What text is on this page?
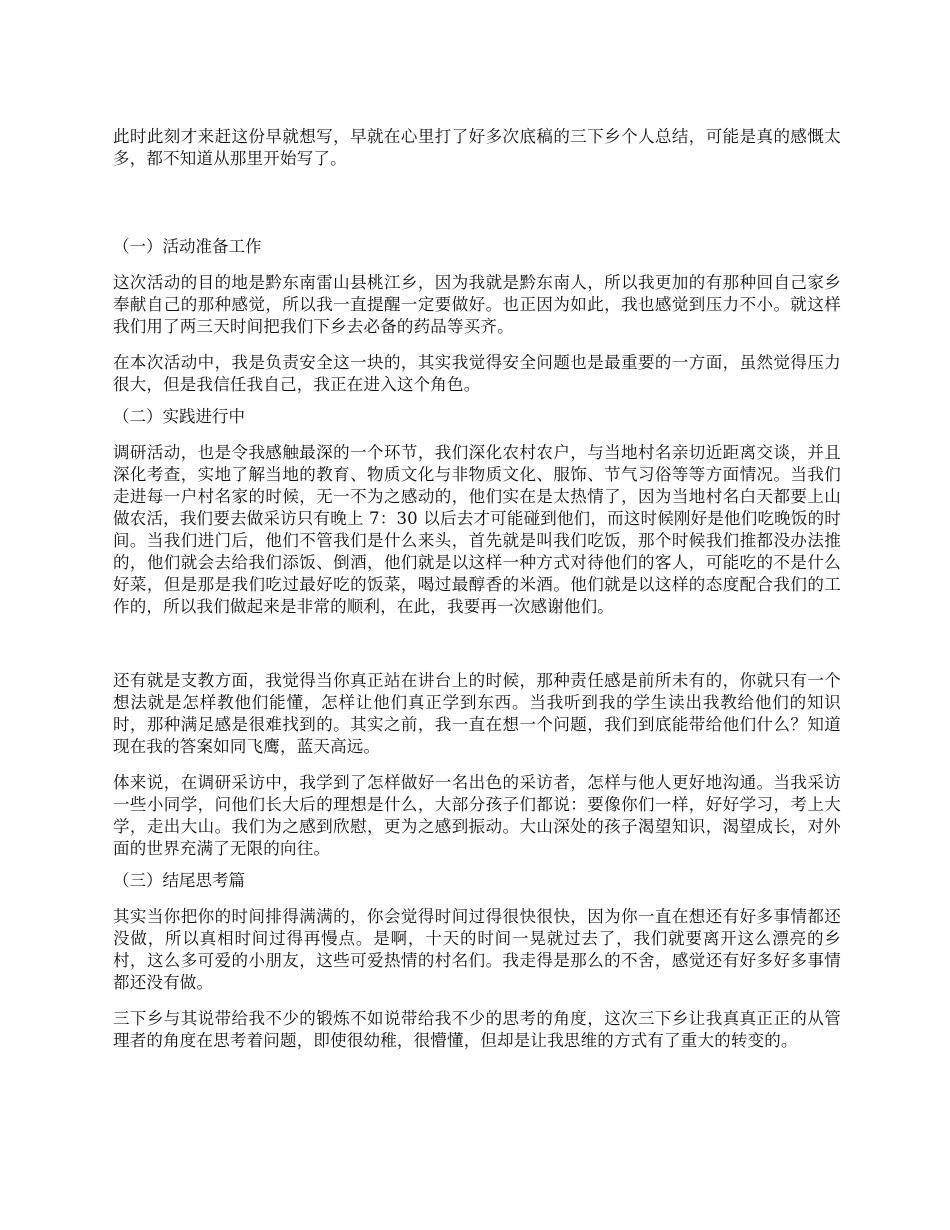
此时此刻才来赶这份早就想写，早就在心里打了好多次底稿的三下乡个人总结，可能是真的感慨太多，都不知道从那里开始写了。

（一）活动准备工作

这次活动的目的地是黔东南雷山县桃江乡，因为我就是黔东南人，所以我更加的有那种回自己家乡奉献自己的那种感觉，所以我一直提醒一定要做好。也正因为如此，我也感觉到压力不小。就这样我们用了两三天时间把我们下乡去必备的药品等买齐。

在本次活动中，我是负责安全这一块的，其实我觉得安全问题也是最重要的一方面，虽然觉得压力很大，但是我信任我自己，我正在进入这个角色。

（二）实践进行中

调研活动，也是令我感触最深的一个环节，我们深化农村农户，与当地村名亲切近距离交谈，并且深化考查，实地了解当地的教育、物质文化与非物质文化、服饰、节气习俗等等方面情况。当我们走进每一户村名家的时候，无一不为之感动的，他们实在是太热情了，因为当地村名白天都要上山做农活，我们要去做采访只有晚上 7：30 以后去才可能碰到他们，而这时候刚好是他们吃晚饭的时间。当我们进门后，他们不管我们是什么来头，首先就是叫我们吃饭，那个时候我们推都没办法推的，他们就会去给我们添饭、倒酒，他们就是以这样一种方式对待他们的客人，可能吃的不是什么好菜，但是那是我们吃过最好吃的饭菜，喝过最醇香的米酒。他们就是以这样的态度配合我们的工作的，所以我们做起来是非常的顺利，在此，我要再一次感谢他们。

还有就是支教方面，我觉得当你真正站在讲台上的时候，那种责任感是前所未有的，你就只有一个想法就是怎样教他们能懂，怎样让他们真正学到东西。当我听到我的学生读出我教给他们的知识时，那种满足感是很难找到的。其实之前，我一直在想一个问题，我们到底能带给他们什么？知道现在我的答案如同飞鹰，蓝天高远。

体来说，在调研采访中，我学到了怎样做好一名出色的采访者，怎样与他人更好地沟通。当我采访一些小同学，问他们长大后的理想是什么，大部分孩子们都说：要像你们一样，好好学习，考上大学，走出大山。我们为之感到欣慰，更为之感到振动。大山深处的孩子渴望知识，渴望成长，对外面的世界充满了无限的向往。

（三）结尾思考篇

其实当你把你的时间排得满满的，你会觉得时间过得很快很快，因为你一直在想还有好多事情都还没做，所以真相时间过得再慢点。是啊，十天的时间一晃就过去了，我们就要离开这么漂亮的乡村，这么多可爱的小朋友，这些可爱热情的村名们。我走得是那么的不舍，感觉还有好多好多事情都还没有做。

三下乡与其说带给我不少的锻炼不如说带给我不少的思考的角度，这次三下乡让我真真正正的从管理者的角度在思考着问题，即使很幼稚，很懵懂，但却是让我思维的方式有了重大的转变的。
